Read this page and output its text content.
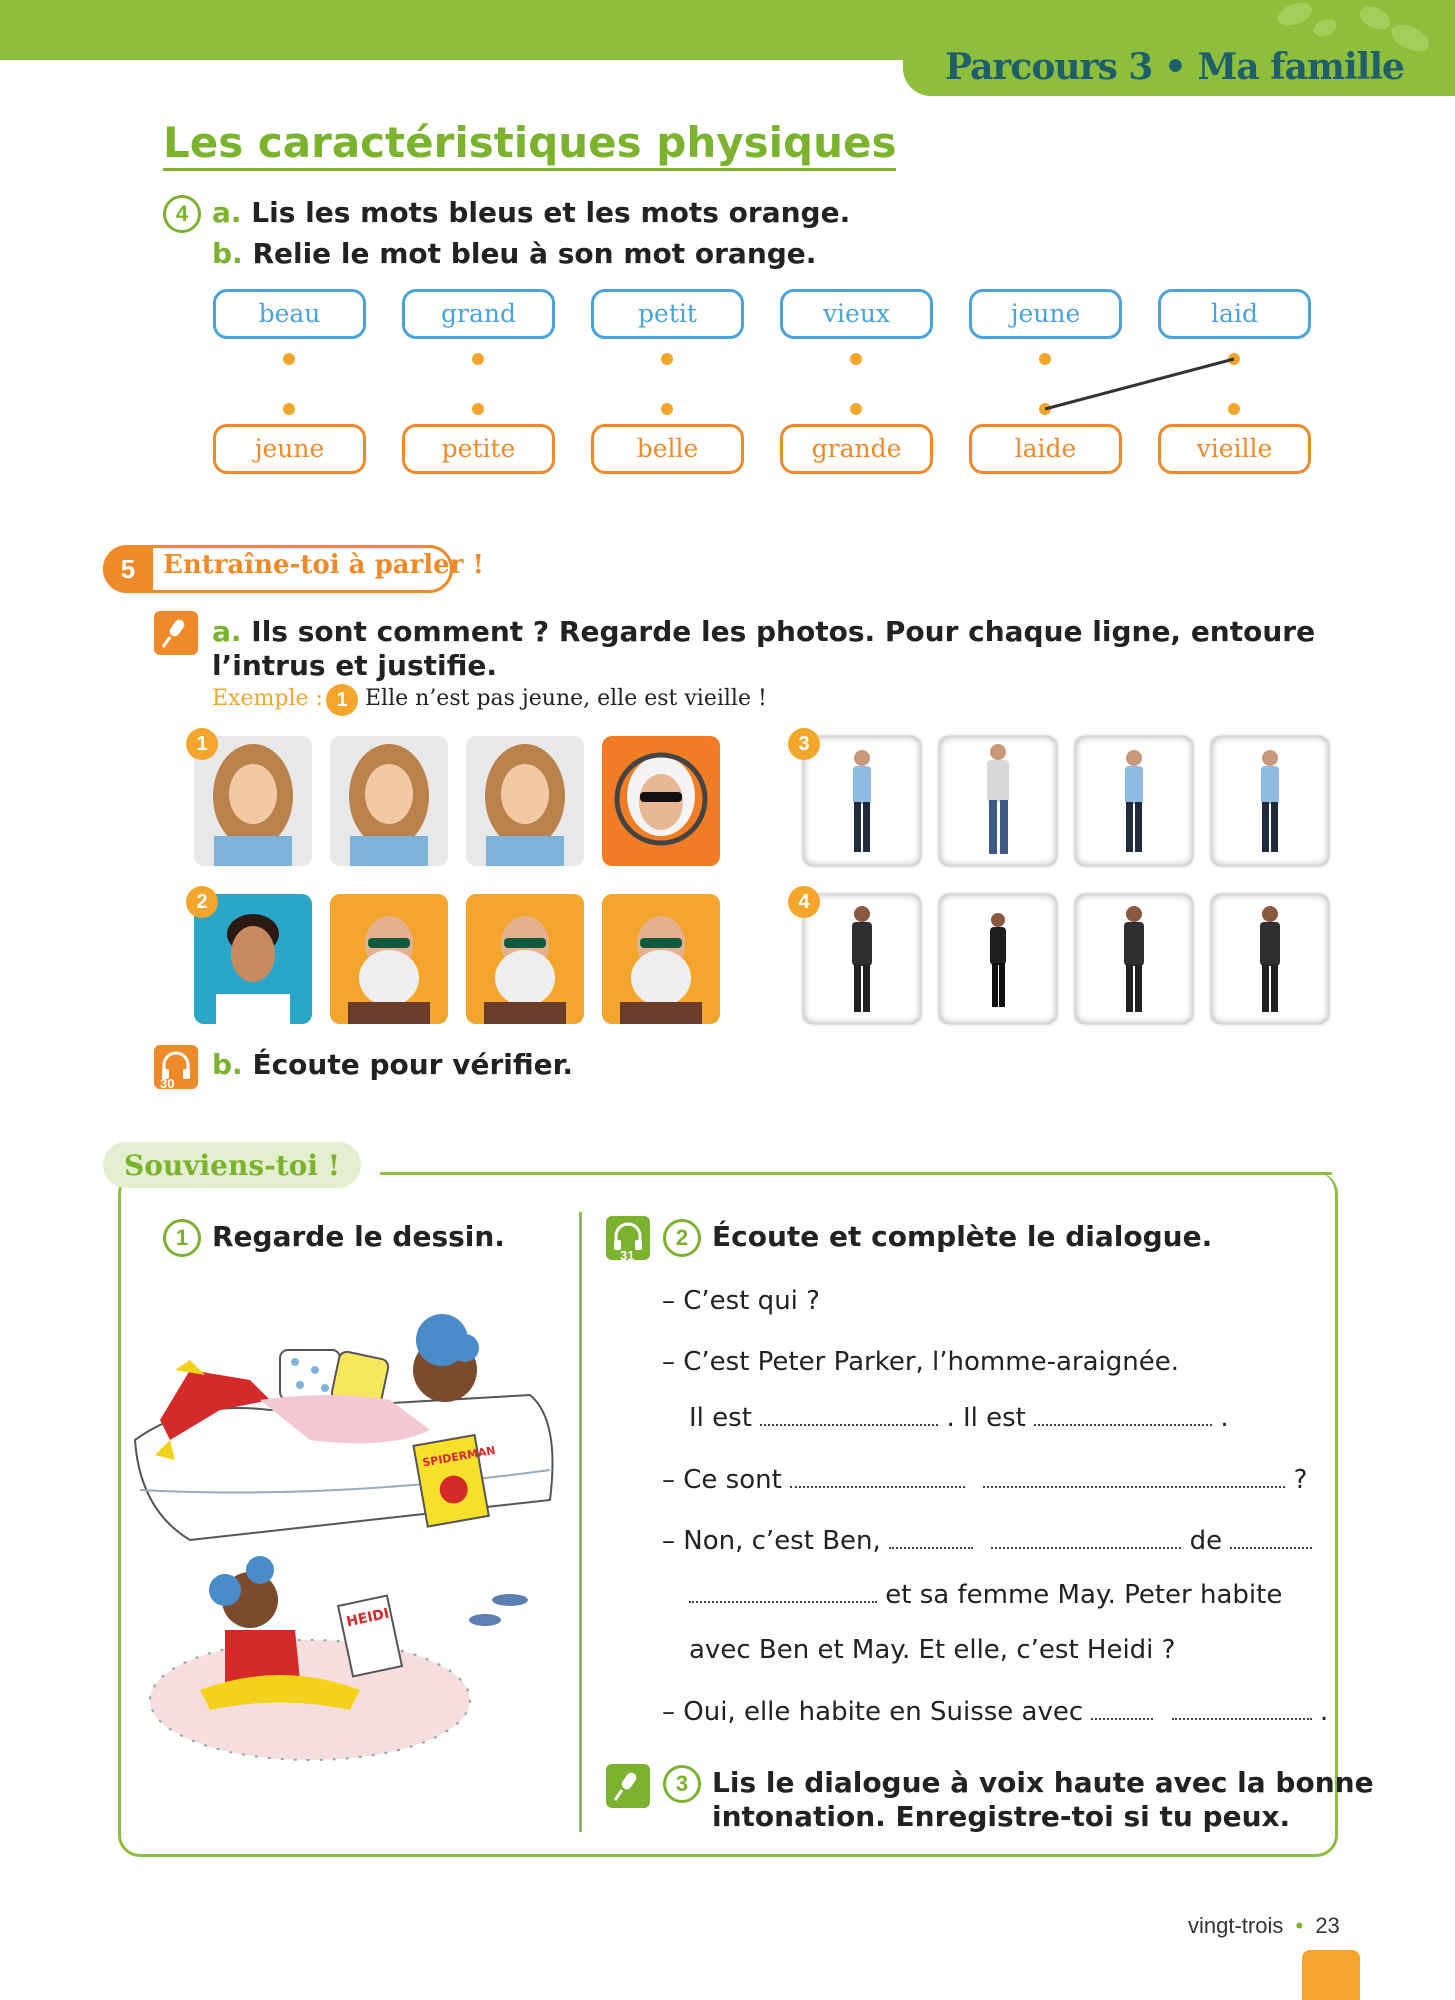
Parcours 3 • Ma famille
Les caractéristiques physiques
4 a. Lis les mots bleus et les mots orange.
b. Relie le mot bleu à son mot orange.
beau	grand	petit	vieux	jeune	laid
jeune	petite	belle	grande	laide	vieille
5	Entraîne-toi à parler !
a. Ils sont comment ? Regarde les photos. Pour chaque ligne, entoure l’intrus et justifie.
Exemple : 1 Elle n’est pas jeune, elle est vieille !
1
2
3
4
30
b. Écoute pour vérifier.
Souviens-toi !
1 Regarde le dessin.
SPIDERMAN
HEIDI
31
2 Écoute et complète le dialogue.
– C’est qui ?
– C’est Peter Parker, l’homme-araignée.
Il est	. Il est	.
– Ce sont	?
– Non, c’est Ben,	de
et sa femme May. Peter habite
avec Ben et May. Et elle, c’est Heidi ?
– Oui, elle habite en Suisse avec	.
3 Lis le dialogue à voix haute avec la bonne
intonation. Enregistre-toi si tu peux.
vingt-trois • 23
